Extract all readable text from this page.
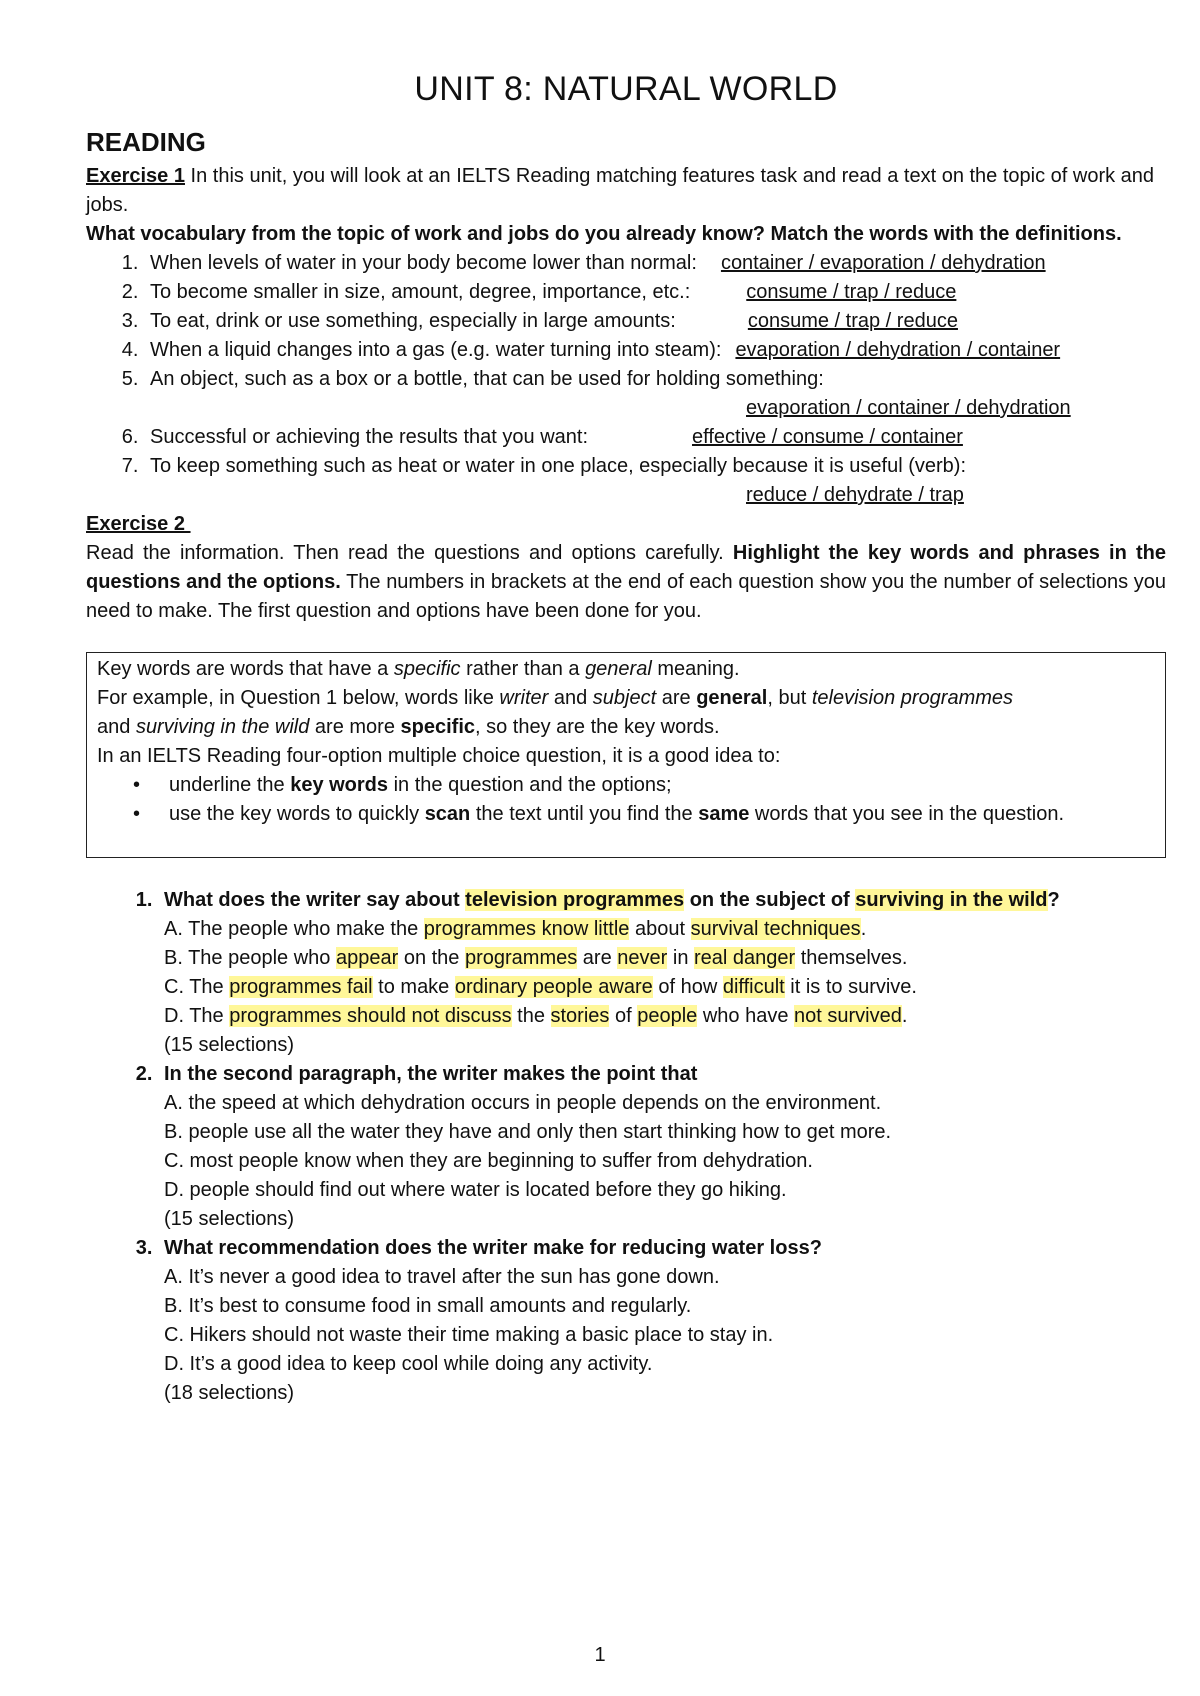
UNIT 8: NATURAL WORLD
READING

Exercise 1 In this unit, you will look at an IELTS Reading matching features task and read a text on the topic of work and jobs.

What vocabulary from the topic of work and jobs do you already know? Match the words with the definitions.

1. When levels of water in your body become lower than normal: container / evaporation / dehydration
2. To become smaller in size, amount, degree, importance, etc.:	consume / trap / reduce
3. To eat, drink or use something, especially in large amounts:	consume / trap / reduce
4. When a liquid changes into a gas (e.g. water turning into steam): evaporation / dehydration / container
5. An object, such as a box or a bottle, that can be used for holding something:
evaporation / container / dehydration
6. Successful or achieving the results that you want:	effective / consume / container
7. To keep something such as heat or water in one place, especially because it is useful (verb):
reduce / dehydrate / trap

Exercise 2

Read the information. Then read the questions and options carefully. Highlight the key words and phrases in the questions and the options. The numbers in brackets at the end of each question show you the number of selections you need to make. The first question and options have been done for you.

Key words are words that have a specific rather than a general meaning.
For example, in Question 1 below, words like writer and subject are general, but television programmes
and surviving in the wild are more specific, so they are the key words.
In an IELTS Reading four-option multiple choice question, it is a good idea to:
• underline the key words in the question and the options;
• use the key words to quickly scan the text until you find the same words that you see in the question.
1. What does the writer say about television programmes on the subject of surviving in the wild?
A. The people who make the programmes know little about survival techniques.
B. The people who appear on the programmes are never in real danger themselves.
C. The programmes fail to make ordinary people aware of how difficult it is to survive.
D. The programmes should not discuss the stories of people who have not survived.
(15 selections)
2. In the second paragraph, the writer makes the point that
A. the speed at which dehydration occurs in people depends on the environment.
B. people use all the water they have and only then start thinking how to get more.
C. most people know when they are beginning to suffer from dehydration.
D. people should find out where water is located before they go hiking.
(15 selections)
3. What recommendation does the writer make for reducing water loss?
A. It’s never a good idea to travel after the sun has gone down.
B. It’s best to consume food in small amounts and regularly.
C. Hikers should not waste their time making a basic place to stay in.
D. It’s a good idea to keep cool while doing any activity.
(18 selections)
1
